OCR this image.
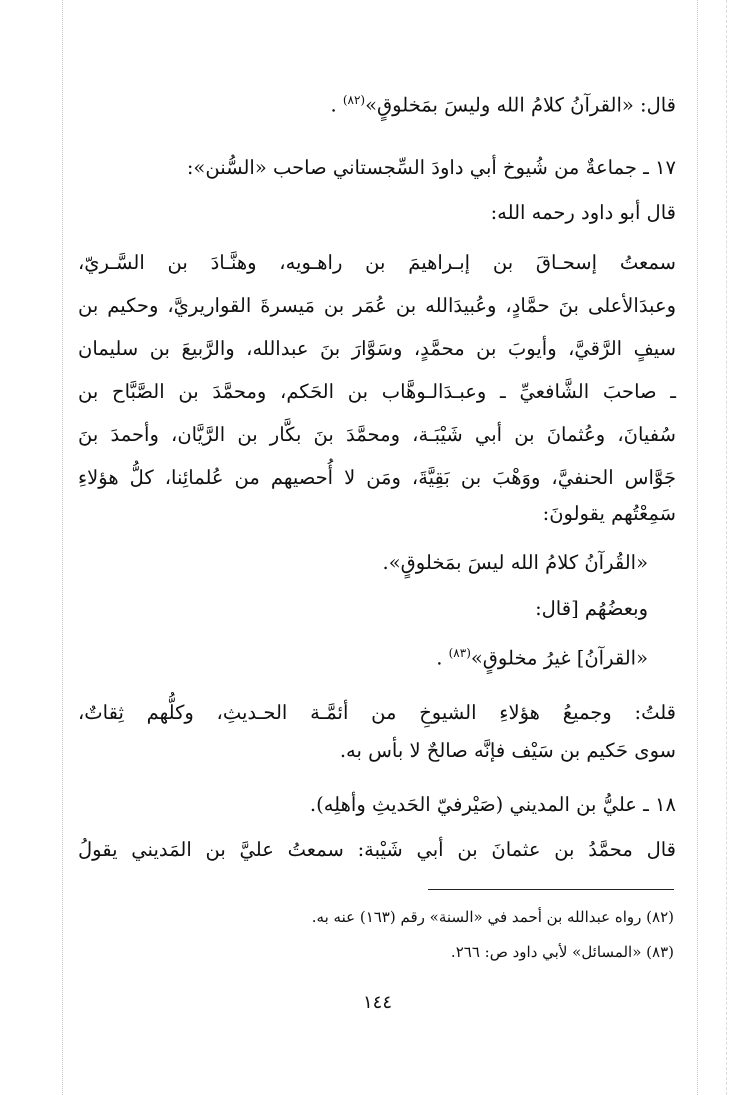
قال: «القرآنُ كلامُ الله وليسَ بمَخلوقٍ»$^{(٨٢)}$ .
١٧ ـ جماعةٌ من شُيوخ أبي داودَ السِّجستاني صاحب «السُّنن»:
قال أبو داود رحمه الله:
سمعتُ إسحـاقَ بن إبـراهيمَ بن راهـويه، وهنَّـادَ بن السَّـريّ،
وعبدَالأعلى بنَ حمَّادٍ، وعُبيدَالله بن عُمَر بن مَيسرةَ القواريريَّ، وحكيم بن
سيفٍ الرَّقيَّ، وأيوبَ بن محمَّدٍ، وسَوَّارَ بنَ عبدالله، والرَّبيعَ بن سليمان
ـ صاحبَ الشَّافعيِّ ـ وعبـدَالـوهَّاب بن الحَكم، ومحمَّدَ بن الصَّبَّاح بن
سُفيانَ، وعُثمانَ بن أبي شَيْبَـة، ومحمَّدَ بنَ بكَّار بن الرَّيَّان، وأحمدَ بنَ
جَوَّاس الحنفيَّ، ووَهْبَ بن بَقِيَّةَ، ومَن لا أُحصيهم من عُلمائِنا، كلُّ هؤلاءِ
سَمِعْتُهم يقولونَ:
«القُرآنُ كلامُ الله ليسَ بمَخلوقٍ».
وبعضُهُم [قال:
«القرآنُ] غيرُ مخلوقٍ»$^{(٨٣)}$ .
قلتُ: وجميعُ هؤلاءِ الشيوخِ من أئمَّـة الحـديثِ، وكلُّهم ثِقاتٌ،
سوى حَكيم بن سَيْف فإنَّه صالحٌ لا بأس به.
١٨ ـ عليُّ بن المديني (صَيْرفيّ الحَديثِ وأهلِه).
قال محمَّدُ بن عثمانَ بن أبي شَيْبة: سمعتُ عليَّ بن المَديني يقولُ
(٨٢) رواه عبدالله بن أحمد في «السنة» رقم (١٦٣) عنه به.
(٨٣) «المسائل» لأبي داود ص: ٢٦٦.
١٤٤
